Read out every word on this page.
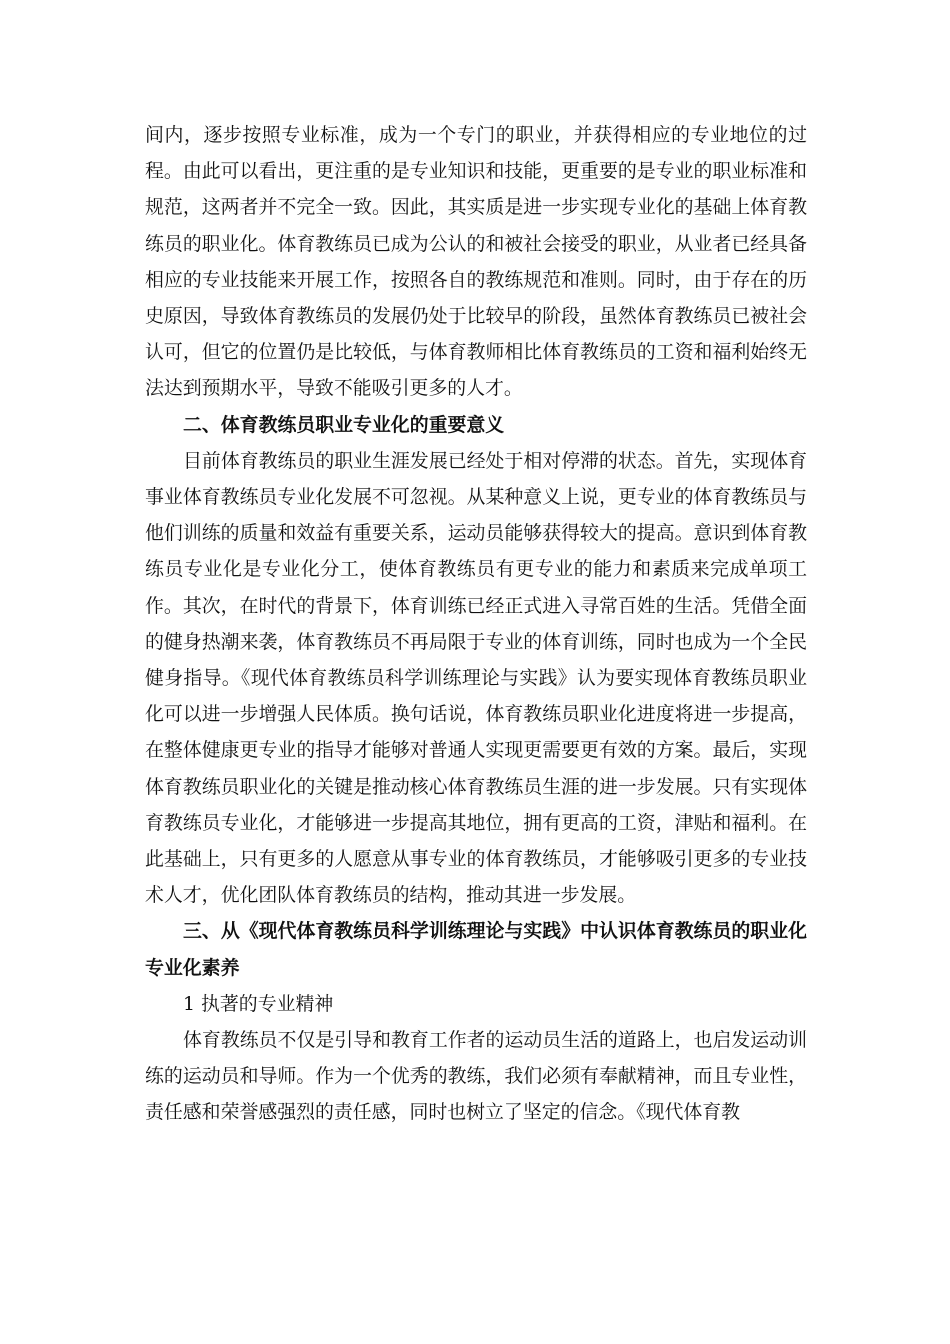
间内，逐步按照专业标准，成为一个专门的职业，并获得相应的专业地位的过程。由此可以看出，更注重的是专业知识和技能，更重要的是专业的职业标准和规范，这两者并不完全一致。因此，其实质是进一步实现专业化的基础上体育教练员的职业化。体育教练员已成为公认的和被社会接受的职业，从业者已经具备相应的专业技能来开展工作，按照各自的教练规范和准则。同时，由于存在的历史原因，导致体育教练员的发展仍处于比较早的阶段，虽然体育教练员已被社会认可，但它的位置仍是比较低，与体育教师相比体育教练员的工资和福利始终无法达到预期水平，导致不能吸引更多的人才。

二、体育教练员职业专业化的重要意义

目前体育教练员的职业生涯发展已经处于相对停滞的状态。首先，实现体育事业体育教练员专业化发展不可忽视。从某种意义上说，更专业的体育教练员与他们训练的质量和效益有重要关系，运动员能够获得较大的提高。意识到体育教练员专业化是专业化分工，使体育教练员有更专业的能力和素质来完成单项工作。其次，在时代的背景下，体育训练已经正式进入寻常百姓的生活。凭借全面的健身热潮来袭，体育教练员不再局限于专业的体育训练，同时也成为一个全民健身指导。《现代体育教练员科学训练理论与实践》认为要实现体育教练员职业化可以进一步增强人民体质。换句话说，体育教练员职业化进度将进一步提高，在整体健康更专业的指导才能够对普通人实现更需要更有效的方案。最后，实现体育教练员职业化的关键是推动核心体育教练员生涯的进一步发展。只有实现体育教练员专业化，才能够进一步提高其地位，拥有更高的工资，津贴和福利。在此基础上，只有更多的人愿意从事专业的体育教练员，才能够吸引更多的专业技术人才，优化团队体育教练员的结构，推动其进一步发展。

三、从《现代体育教练员科学训练理论与实践》中认识体育教练员的职业化专业化素养

1 执著的专业精神

体育教练员不仅是引导和教育工作者的运动员生活的道路上，也启发运动训练的运动员和导师。作为一个优秀的教练，我们必须有奉献精神，而且专业性，责任感和荣誉感强烈的责任感，同时也树立了坚定的信念。《现代体育教
